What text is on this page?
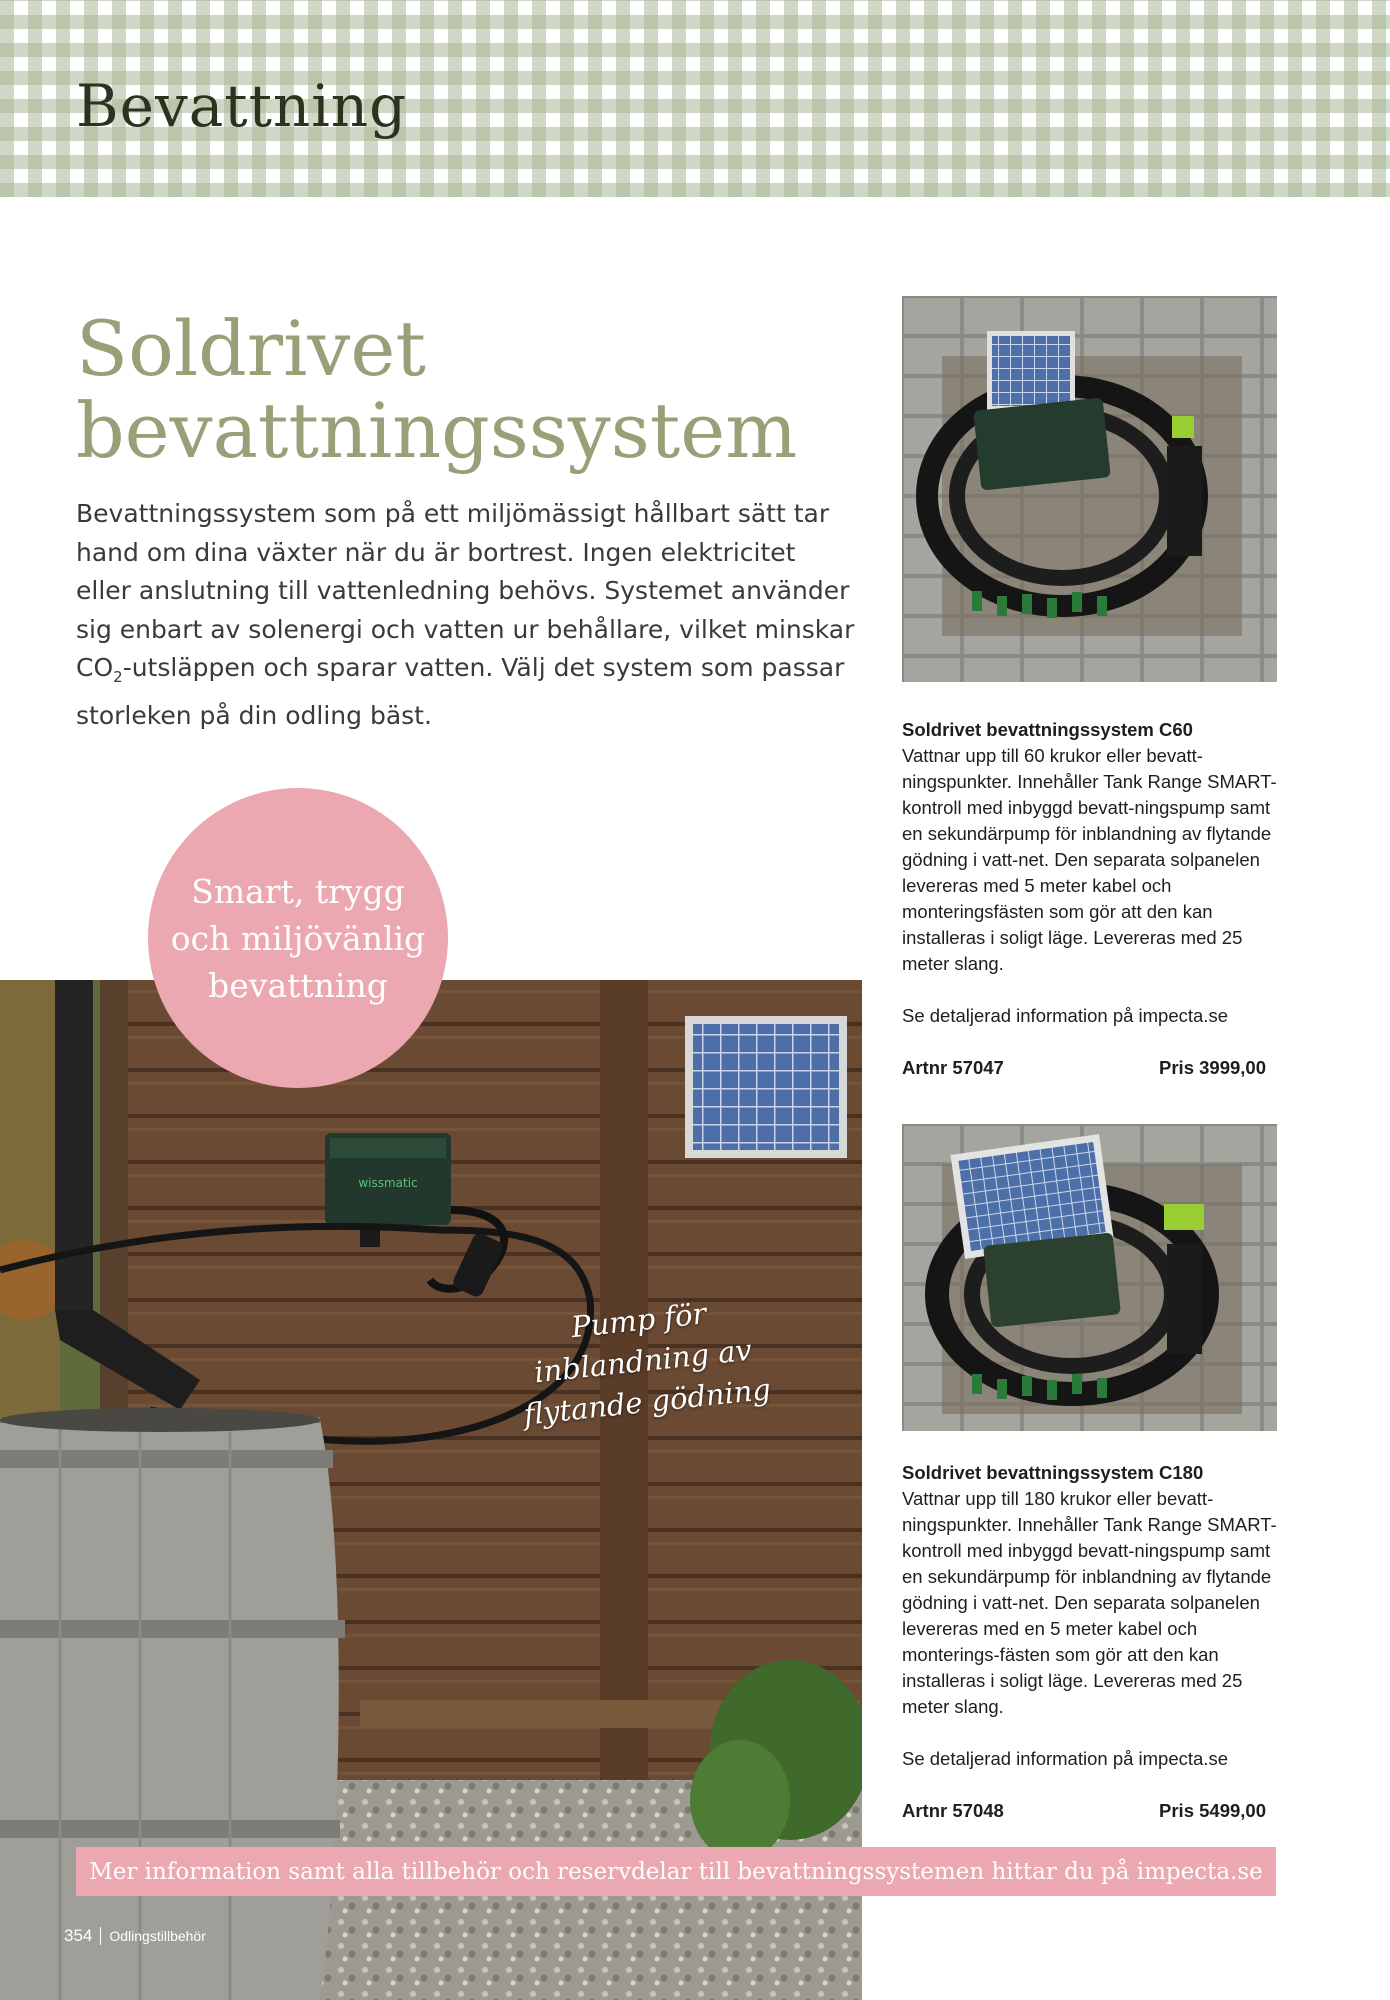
Bevattning
Soldrivet
bevattningssystem

Bevattningssystem som på ett miljömässigt hållbart sätt tar hand om dina växter när du är bortrest. Ingen elektricitet eller anslutning till vattenledning behövs. Systemet använder sig enbart av solenergi och vatten ur behållare, vilket minskar $CO_2$-utsläppen och sparar vatten. Välj det system som passar storleken på din odling bäst.

wissmatic
Smart, trygg och miljövänlig bevattning
Pump för inblandning av flytande gödning

Soldrivet bevattningssystem C60

Vattnar upp till 60 krukor eller bevatt-ningspunkter. Innehåller Tank Range SMART-kontroll med inbyggd bevatt-ningspump samt en sekundärpump för inblandning av flytande gödning i vatt-net. Den separata solpanelen levereras med 5 meter kabel och monteringsfästen som gör att den kan installeras i soligt läge. Levereras med 25 meter slang.

Se detaljerad information på impecta.se

Artnr 57047	Pris 3999,00

Soldrivet bevattningssystem C180

Vattnar upp till 180 krukor eller bevatt-ningspunkter. Innehåller Tank Range SMART-kontroll med inbyggd bevatt-ningspump samt en sekundärpump för inblandning av flytande gödning i vatt-net. Den separata solpanelen levereras med en 5 meter kabel och monterings-fästen som gör att den kan installeras i soligt läge. Levereras med 25 meter slang.

Se detaljerad information på impecta.se

Artnr 57048	Pris 5499,00
Mer information samt alla tillbehör och reservdelar till bevattningssystemen hittar du på impecta.se
354 Odlingstillbehör
